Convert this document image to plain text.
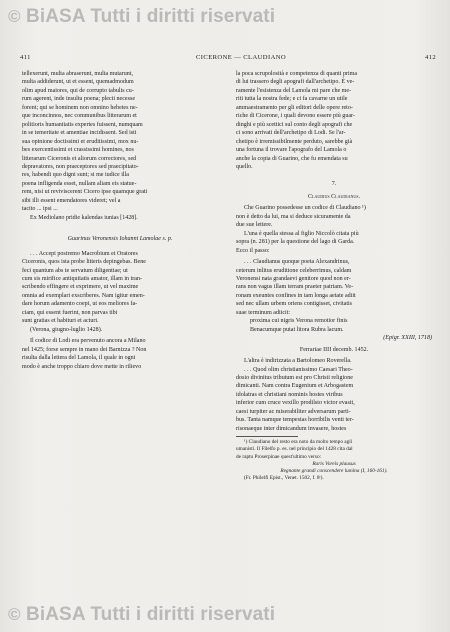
© BiASA Tutti i diritti riservati
411	CICERONE — CLAUDIANO	412

tellexerunt, multa abraserunt, multa mutarunt,

multa addiderunt, ut et essent, quemadmodum

olim apud maiores, qui de corrupto tabulis cu-

rum agerent, inde insultu poena; plecti necesse

forent; qui se hominem non omnino hebetes ne-

que inconcinnos, nec communibus litterarum et

politioris humanitatis expertes fuissent, numquam

in se temeritate et amentiae incidissent. Sed isti

sua opinione doctissimi et eruditissimi, mox nu-

bes exercentissimi et crassissimi homines, nos

litterarum Ciceronis et aliorum correctores, sed

depravatores, non praeceptores sed praecipitato-

res, habendi quo digni sunt; si me iudice illa

poena infligenda esset, nullam aliam eis statue-

rem, nisi ut reviviscerent Cicero ipse quamque grati

sibi illi essent emendatores videret; vel a

tacito ... ipsi ...

Ex Mediolano pridie kalendas iunias [1428].

Guarinus Veronensis Iohanni Lamolae s. p.

. . . Accepi postremo Macrobium et Oratores

Ciceronis, quos ista probe litteris depingebas. Bene

feci quantum abs te servatum diligentiae; ut

cum sis mirifice antiquitatis amator, illam in tran-

scribendo effingere et exprimere, ut vel maxime

omnia ad exemplari exscriberes. Nam igitur emen-

dare horum adamento coepi, ut eos meliores fa-

ciam, qui essent fuerint, non parvas tibi

sunt gratias et habituri et acturi.

(Verona, giugno-luglio 1428).

Il codice di Lodi era pervenuto ancora a Milano

nel 1425; forse sempre in mano dei Barnizza ? Non

risulta dalla lettera del Lamola, il quale in ogni

modo è anche troppo chiaro dove mette in rilievo

la poca scrupolosità e competenza di quanti prima

di lui trassero degli apografi dall'archetipo. È ve-

ramente l'esistenza del Lamola mi pare che me-

riti tutta la nostra fede; e ci fa cavarne un utile

ammaestramento per gli editori delle opere reto-

riche di Cicerone, i quali devono essere più guar-

dinghi e più scettici sul conto degli apografi che

ci sono arrivati dell'archetipo di Lodi. Se l'ar-

chetipo è irremissibilmente perduto, sarebbe già

una fortuna il trovare l'apografo del Lamola o

anche la copia di Guarino, che fu emendata su

quello.

7.

Claudius Claudianus.

Che Guarino possedesse un codice di Claudiano ¹)

non è detto da lui, ma si deduce sicuramente da

due sue lettere.

L'una è quella stessa al figlio Niccolò citata più

sopra (n. 281) per la questione del lago di Garda.

Ecco il passo:

. . . Claudianus quoque poeta Alexandrinus,

ceterum inlitus eruditione celeberrimus, caldam

Veronensi nata grandaevi genitore quod non er-

rans non vagus illam terram praeter patriam. Ve-

ronam exeuntes confines in tam longa aetate adiit

sed nec ullam urbem oriens contigisset, civitatis

suae terminum adiicit:

proxima cui nigris Verona remotior finis

Benacumque putat litora Rubra lacum.

(Epigr. XXIII, 1718)

Ferrariae IIII decemb. 1452.

L'altra è indirizzata a Bartolomeo Roverella.

. . . Quod olim christianissimo Caesari Theo-

dosio divinitus tributum est pro Christi religione

dimicanti. Nam contra Eugenium et Arbogastem

idolatras et christiani nominis hostes viribus

inferior cum cruce vexillo prodilsto victor evasit,

caesi turpiter ac miserabiliter adversarum parti-

bus. Tanta namque tempestas horribilis venti ter-

risonaeque inter dimicandum invasere, hostes

¹) Claudiano del resto era noto da molto tempo agli

umanisti. Il Filelfo p. es. nel principio del 1428 cita dal

de raptu Proserpinae quest'ultimo verso:

Raris Voreis plausus

Regnante grandi conscendere lumina (I, 160-161).

(Fr. Philelfi Epist., Venet. 1502, f. 8ʳ).

© BiASA Tutti i diritti riservati
